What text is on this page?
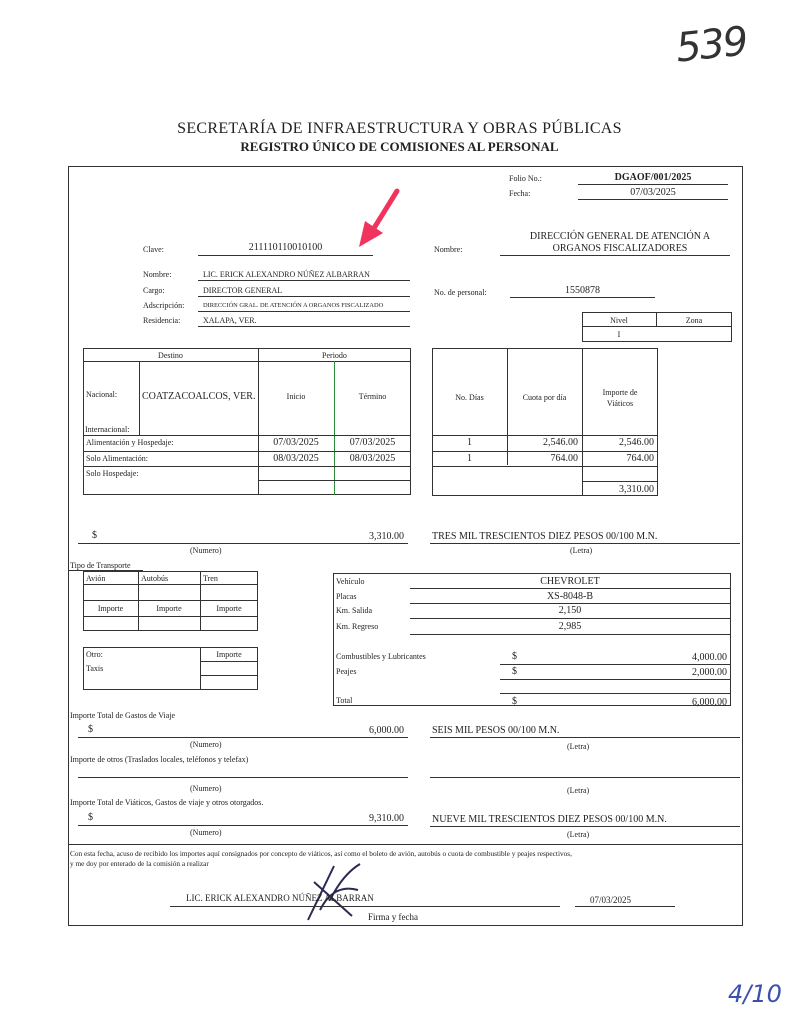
539
4/10
SECRETARÍA DE INFRAESTRUCTURA Y OBRAS PÚBLICAS
REGISTRO ÚNICO DE COMISIONES AL PERSONAL
Folio No.:	DGAOF/001/2025
Fecha:	07/03/2025
Clave:	211110110010100	Nombre:
DIRECCIÓN GENERAL DE ATENCIÓN A
ORGANOS FISCALIZADORES
Nombre:	LIC. ERICK ALEXANDRO NÚÑEZ ALBARRAN
Cargo:	DIRECTOR GENERAL
Adscripción:	DIRECCIÓN GRAL. DE ATENCIÓN A ORGANOS FISCALIZADO
Residencia:	XALAPA, VER.
No. de personal:	1550878
Nivel	Zona
I
Destino	Periodo
Nacional: COATZACOALCOS, VER.	Inicio	Término
Internacional:
Alimentación y Hospedaje:	07/03/2025	07/03/2025
Solo Alimentación:	08/03/2025	08/03/2025
Solo Hospedaje:
No. Días	Cuota por día
Importe de
Viáticos
1	2,546.00	2,546.00
1	764.00	764.00
3,310.00
$	3,310.00
(Numero)
TRES MIL TRESCIENTOS DIEZ PESOS 00/100 M.N.
(Letra)
Tipo de Transporte
Avión	Autobús	Tren
Importe	Importe	Importe
Otro:
Taxis
Importe
Vehículo	CHEVROLET
Placas	XS-8048-B
Km. Salida	2,150
Km. Regreso	2,985
Combustibles y Lubricantes	$	4,000.00
Peajes	$	2,000.00
Total	$	6,000.00
Importe Total de Gastos de Viaje
$	6,000.00
(Numero)
SEIS MIL PESOS 00/100 M.N.
(Letra)
Importe de otros (Traslados locales, teléfonos y telefax)
(Numero)	(Letra)
Importe Total de Viáticos, Gastos de viaje y otros otorgados.
$	9,310.00
(Numero)
NUEVE MIL TRESCIENTOS DIEZ PESOS 00/100 M.N.
(Letra)
Con esta fecha, acuso de recibido los importes aquí consignados por concepto de viáticos, así como el boleto de avión, autobús o cuota de combustible y peajes respectivos,
y me doy por enterado de la comisión a realizar
LIC. ERICK ALEXANDRO NÚÑEZ ALBARRAN	07/03/2025
Firma y fecha
